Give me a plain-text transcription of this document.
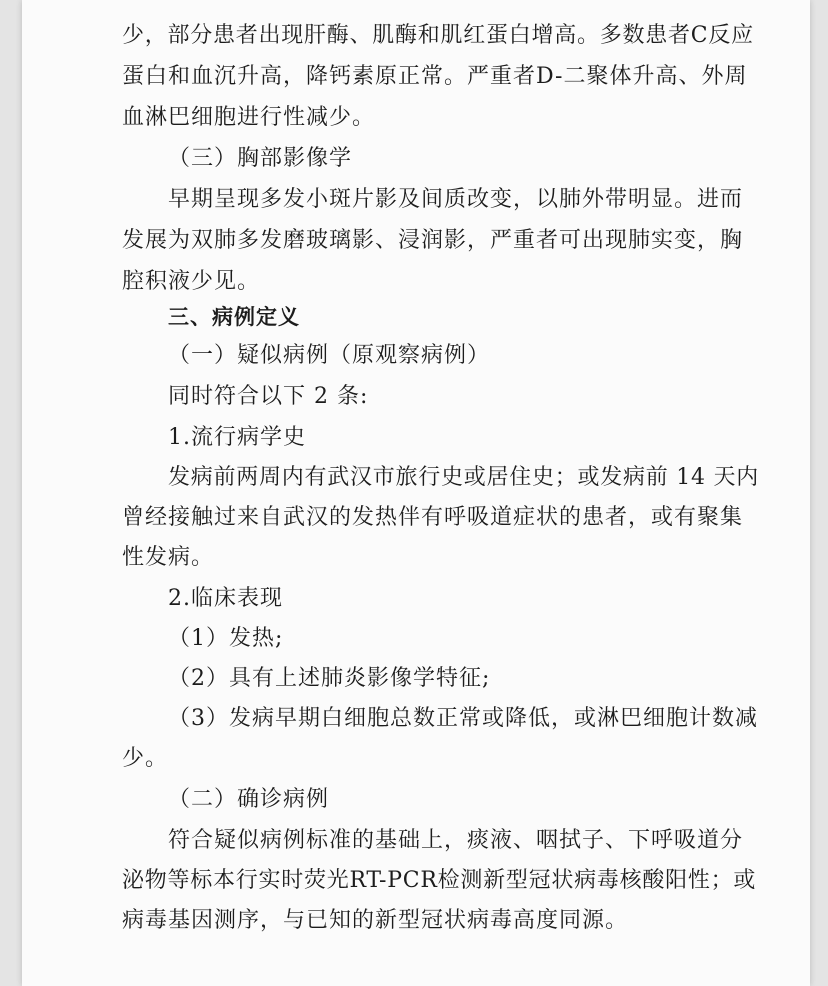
少，部分患者出现肝酶、肌酶和肌红蛋白增高。多数患者C反应
蛋白和血沉升高，降钙素原正常。严重者D-二聚体升高、外周
血淋巴细胞进行性减少。
（三）胸部影像学
早期呈现多发小斑片影及间质改变，以肺外带明显。进而
发展为双肺多发磨玻璃影、浸润影，严重者可出现肺实变，胸
腔积液少见。
三、病例定义
（一）疑似病例（原观察病例）
同时符合以下 2 条:
1.流行病学史
发病前两周内有武汉市旅行史或居住史；或发病前 14 天内
曾经接触过来自武汉的发热伴有呼吸道症状的患者，或有聚集
性发病。
2.临床表现
（1）发热;
（2）具有上述肺炎影像学特征;
（3）发病早期白细胞总数正常或降低，或淋巴细胞计数减
少。
（二）确诊病例
符合疑似病例标准的基础上，痰液、咽拭子、下呼吸道分
泌物等标本行实时荧光RT-PCR检测新型冠状病毒核酸阳性；或
病毒基因测序，与已知的新型冠状病毒高度同源。
